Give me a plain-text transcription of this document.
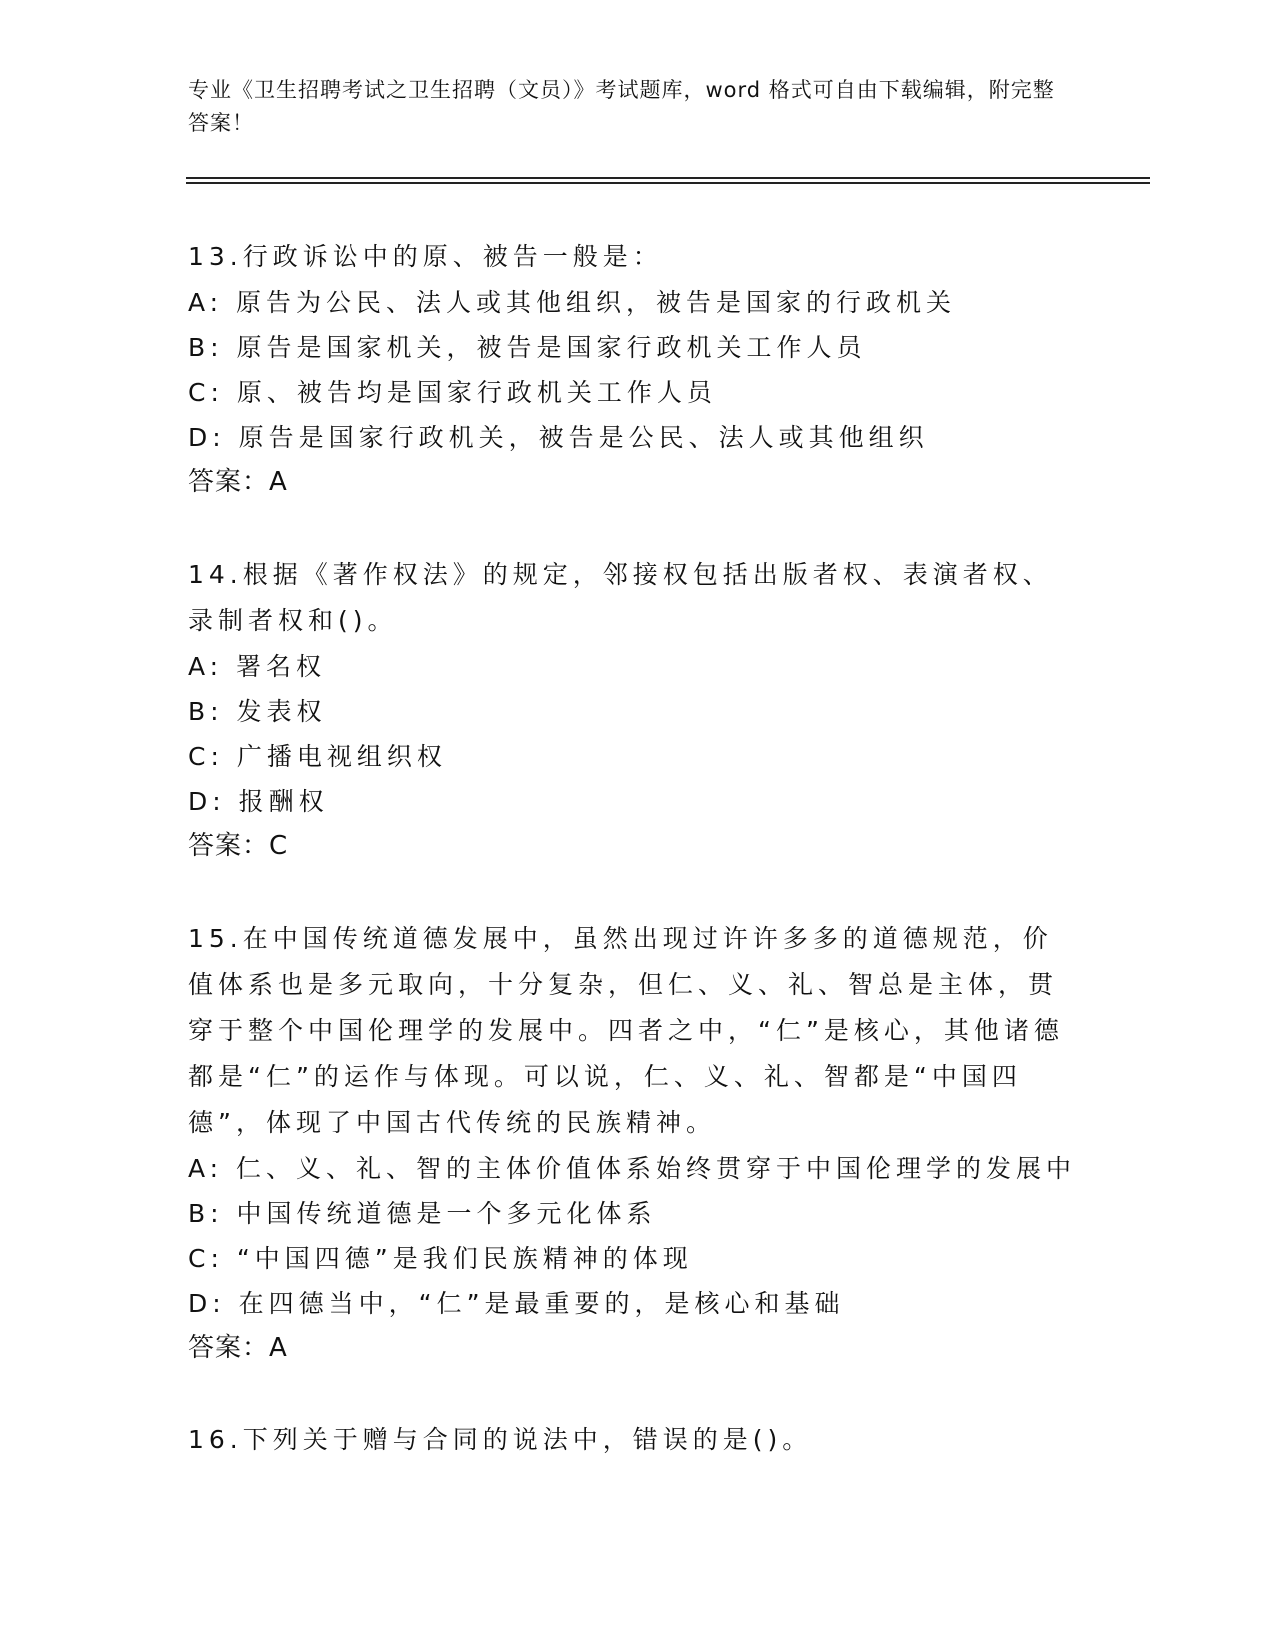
专业《卫生招聘考试之卫生招聘（文员）》考试题库，word 格式可自由下载编辑，附完整答案！

13.行政诉讼中的原、被告一般是：

A: 原告为公民、法人或其他组织，被告是国家的行政机关

B: 原告是国家机关，被告是国家行政机关工作人员

C: 原、被告均是国家行政机关工作人员

D: 原告是国家行政机关，被告是公民、法人或其他组织

答案：A

14.根据《著作权法》的规定，邻接权包括出版者权、表演者权、录制者权和()。

A: 署名权

B: 发表权

C: 广播电视组织权

D: 报酬权

答案：C

15.在中国传统道德发展中，虽然出现过许许多多的道德规范，价值体系也是多元取向，十分复杂，但仁、义、礼、智总是主体，贯穿于整个中国伦理学的发展中。四者之中，“仁”是核心，其他诸德都是“仁”的运作与体现。可以说，仁、义、礼、智都是“中国四德”，体现了中国古代传统的民族精神。

A: 仁、义、礼、智的主体价值体系始终贯穿于中国伦理学的发展中

B: 中国传统道德是一个多元化体系

C: “中国四德”是我们民族精神的体现

D: 在四德当中，“仁”是最重要的，是核心和基础

答案：A

16.下列关于赠与合同的说法中，错误的是()。
